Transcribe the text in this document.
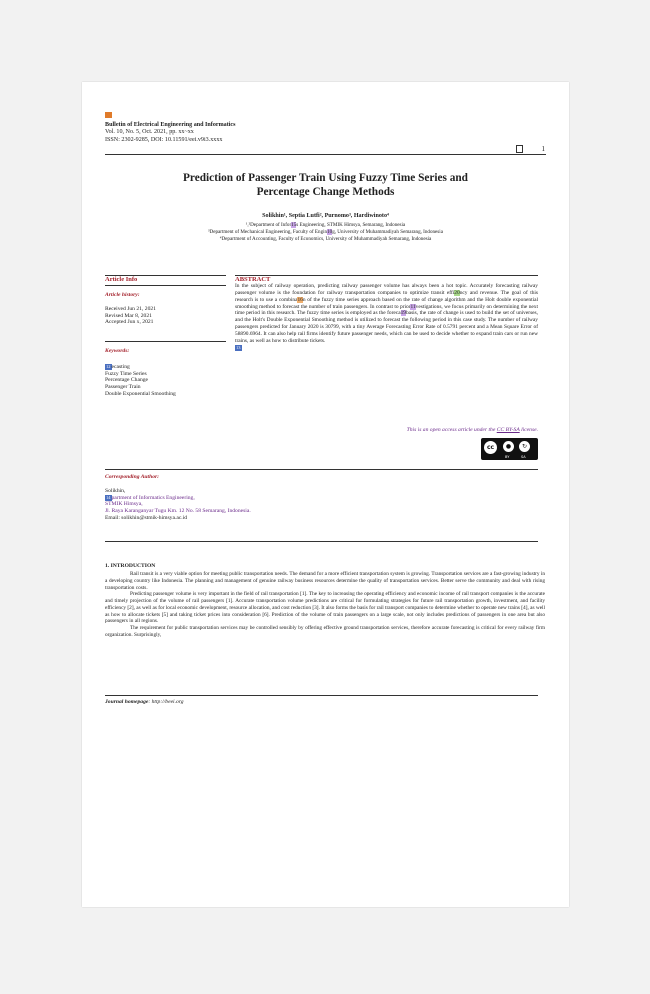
Bulletin of Electrical Engineering and Informatics
Vol. 10, No. 5, Oct. 2021, pp. xx~xx
ISSN: 2302-9285, DOI: 10.11591/eei.v9i3.xxxx
1
Prediction of Passenger Train Using Fuzzy Time Series and
Percentage Change Methods
Solikhin¹, Septia Lutfi², Purnomo³, Hardiwinoto⁴
¹,²Department of Infor15s Engineering, STMIK Himsya, Semarang, Indonesia
³Department of Mechanical Engineering, Faculty of Engin10g, University of Muhammadiyah Semarang, Indonesia
⁴Department of Accounting, Faculty of Economics, University of Muhammadiyah Semarang, Indonesia
Article Info	ABSTRACT
Article history:
Received Jun 21, 2021
Revised Mar 8, 2021
Accepted Jun x, 2021
Keywords:
12ecasting
Fuzzy Time Series
Percentage Change
Passenger Train
Double Exponential Smoothing
In the subject of railway operation, predicting railway passenger volume has always been a hot topic. Accurately forecasting railway passenger volume is the foundation for railway transportation companies to optimize transit effi20ncy and revenue. The goal of this research is to use a combina16n of the fuzzy time series approach based on the rate of change algorithm and the Holt double exponential smoothing method to forecast the number of train passengers. In contrast to prior11vestigations, we focus primarily on determining the next time period in this research. The fuzzy time series is employed as the foreca19basis, the rate of change is used to build the set of universes, and the Holt's Double Exponential Smoothing method is utilized to forecast the following period in this case study. The number of railway passengers predicted for January 2020 is 30799, with a tiny Average Forecasting Error Rate of 0.5791 percent and a Mean Square Error of 58890.6964. It can also help rail firms identify future passenger needs, which can be used to decide whether to expand train cars or run new trains, as well as how to distribute tickets.
13
This is an open access article under the CC BY-SA license.
cc	●	↻
BY	SA
Corresponding Author:
Solikhin,
14partment of Informatics Engineering,
STMIK Himsya,
Jl. Raya Karanganyar Tugu Km. 12 No. 58 Semarang, Indonesia.
Email: solikhin@stmik-himsya.ac.id
1. INTRODUCTION
Rail transit is a very viable option for meeting public transportation needs. The demand for a more efficient transportation system is growing. Transportation services are a fast-growing industry in a developing country like Indonesia. The planning and management of genuine railway business resources determine the quality of transportation services. Better serve the community and deal with rising transportation costs.
Predicting passenger volume is very important in the field of rail transportation [1]. The key to increasing the operating efficiency and economic income of rail transport companies is the accurate and timely projection of the volume of rail passengers [1]. Accurate transportation volume predictions are critical for formulating strategies for future rail transportation growth, investment, and facility efficiency [2], as well as for local economic development, resource allocation, and cost reduction [3]. It also forms the basis for rail transport companies to determine whether to operate new trains [4], as well as how to allocate tickets [5] and taking ticket prices into consideration [6]. Prediction of the volume of train passengers on a large scale, not only includes predictions of passengers in one area but also passengers in all regions.
The requirement for public transportation services may be controlled sensibly by offering effective ground transportation services, therefore accurate forecasting is critical for every railway firm organization. Surprisingly,
Journal homepage: http://beei.org
